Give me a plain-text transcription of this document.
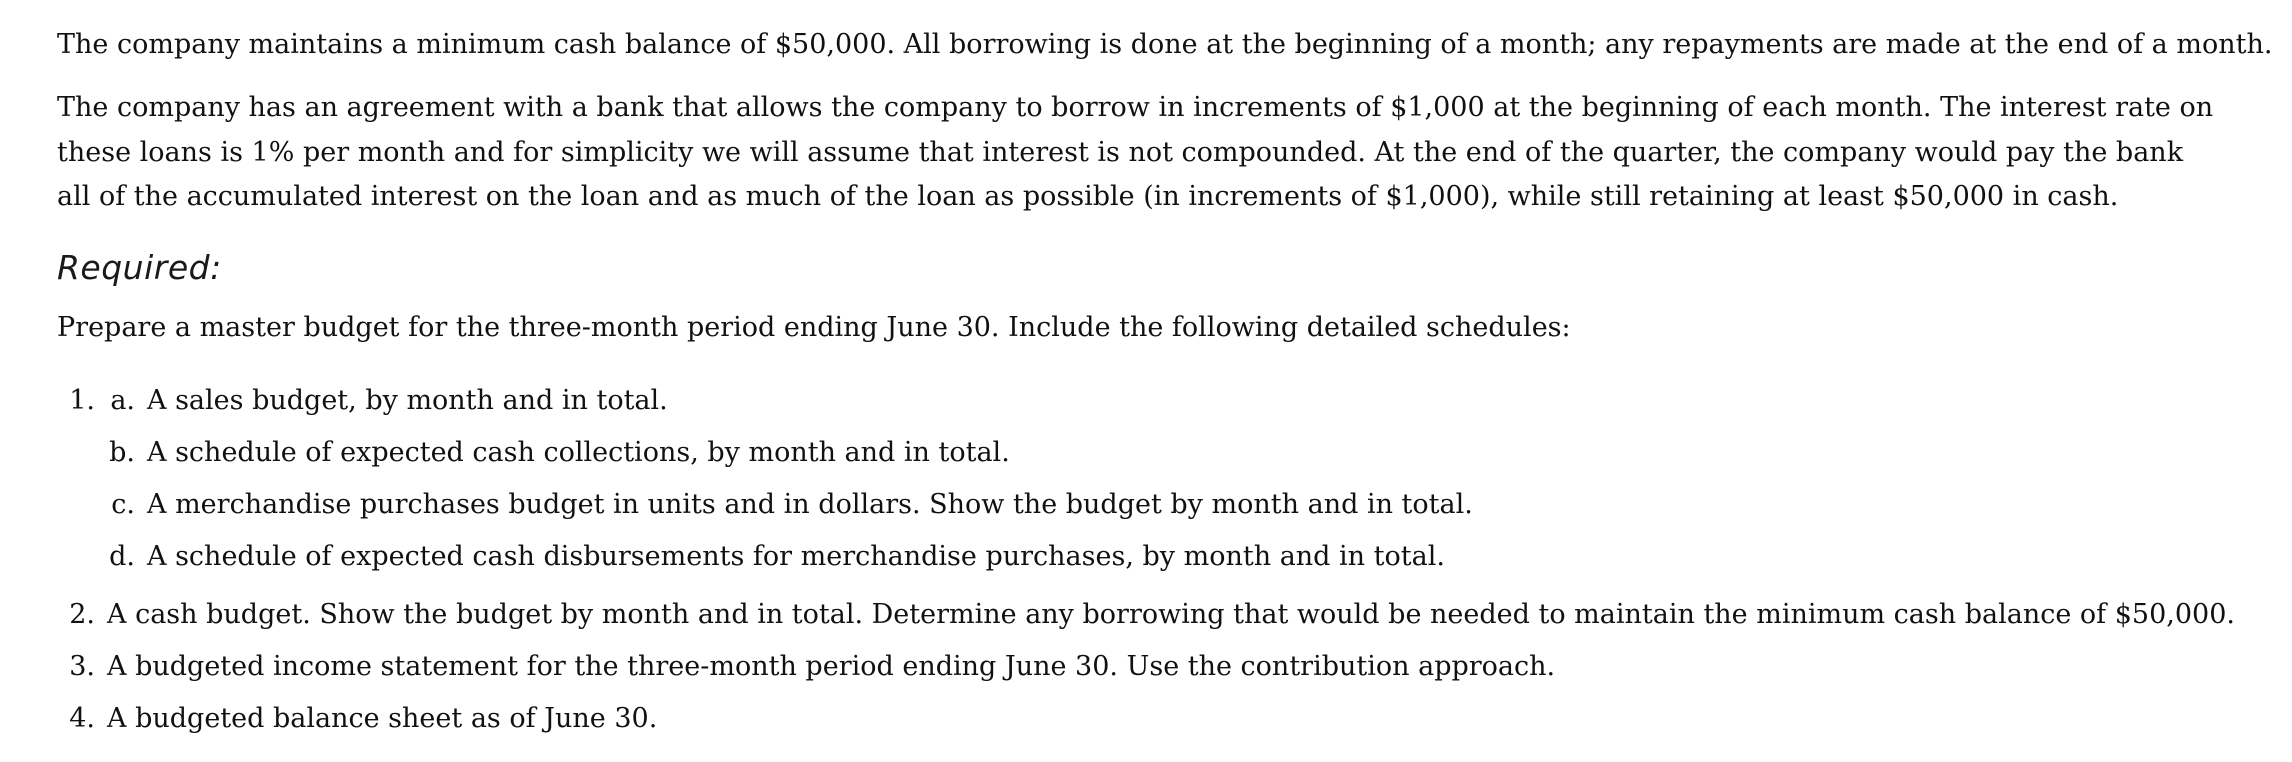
The company maintains a minimum cash balance of $50,000. All borrowing is done at the beginning of a month; any repayments are made at the end of a month.

The company has an agreement with a bank that allows the company to borrow in increments of $1,000 at the beginning of each month. The interest rate on these loans is 1% per month and for simplicity we will assume that interest is not compounded. At the end of the quarter, the company would pay the bank all of the accumulated interest on the loan and as much of the loan as possible (in increments of $1,000), while still retaining at least $50,000 in cash.

Required:

Prepare a master budget for the three-month period ending June 30. Include the following detailed schedules:

1. a. A sales budget, by month and in total.
b. A schedule of expected cash collections, by month and in total.
c. A merchandise purchases budget in units and in dollars. Show the budget by month and in total.
d. A schedule of expected cash disbursements for merchandise purchases, by month and in total.
2. A cash budget. Show the budget by month and in total. Determine any borrowing that would be needed to maintain the minimum cash balance of $50,000.
3. A budgeted income statement for the three-month period ending June 30. Use the contribution approach.
4. A budgeted balance sheet as of June 30.
